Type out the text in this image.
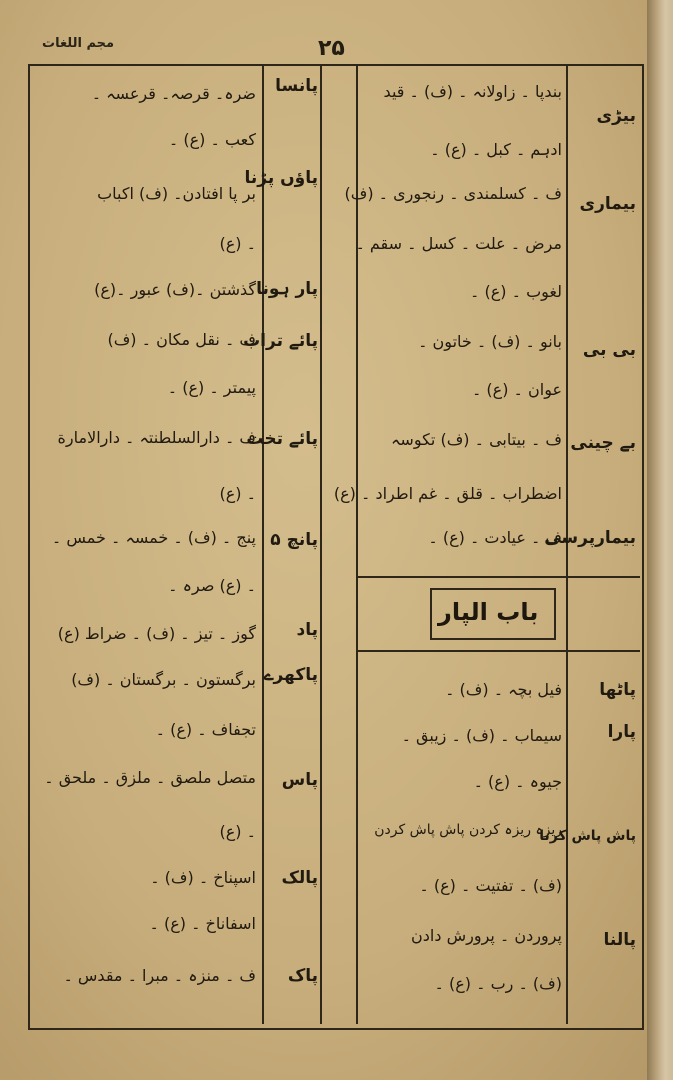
مجم اللغات	۲۵
باب الپار
پانسا
ضرہ۔ قرصہ۔ قرعسہ ۔
کعب ۔ (ع) ۔
پاؤں پڑنا
بر پا افتادن۔ (ف) اکباب
۔ (ع)
پار ہونا
گذشتن ۔(ف) عبور ۔(ع)
پائے تراب
ف ۔ نقل مکان ۔ (ف)
پیمتر ۔ (ع) ۔
پائے تخت
ف ۔ دارالسلطنتہ ۔ دارالامارة
۔ (ع)
پانچ ۵
پنج ۔ (ف) ۔ خمسہ ۔ خمس ۔
۔ (ع) صرہ ۔
پاد
گوز ۔ تیز ۔ (ف) ۔ ضراط (ع)
پاکھرے
برگستون ۔ برگستان ۔ (ف)
تجفاف ۔ (ع) ۔
پاس
متصل ملصق ۔ ملزق ۔ ملحق ۔
۔ (ع)
پالک
اسپناخ ۔ (ف) ۔
اسفاناخ ۔ (ع) ۔
پاک
ف ۔ منزہ ۔ مبرا ۔ مقدس ۔
بیڑی
بندپا ۔ زاولانہ ۔ (ف) ۔ قید
ادہم ۔ کبل ۔ (ع) ۔
بیماری
ف ۔ کسلمندی ۔ رنجوری ۔ (ف)
مرض ۔ علت ۔ کسل ۔ سقم ۔
لغوب ۔ (ع) ۔
بی بی
بانو ۔ (ف) ۔ خاتون ۔
عوان ۔ (ع) ۔
بے چینی
ف ۔ بیتابی ۔ (ف) تکوسہ
اضطراب ۔ قلق ۔ غم اطراد ۔ (ع)
بیمارپرسی
ف ۔ عیادت ۔ (ع) ۔
پاٹھا
فیل بچہ ۔ (ف) ۔
پارا
سیماب ۔ (ف) ۔ زیبق ۔
جیوہ ۔ (ع) ۔
پاش پاش کرنا
ریزہ ریزہ کردن پاش پاش کردن
(ف) ۔ تفتیت ۔ (ع) ۔
پالنا
پروردن ۔ پرورش دادن
(ف) ۔ رب ۔ (ع) ۔
